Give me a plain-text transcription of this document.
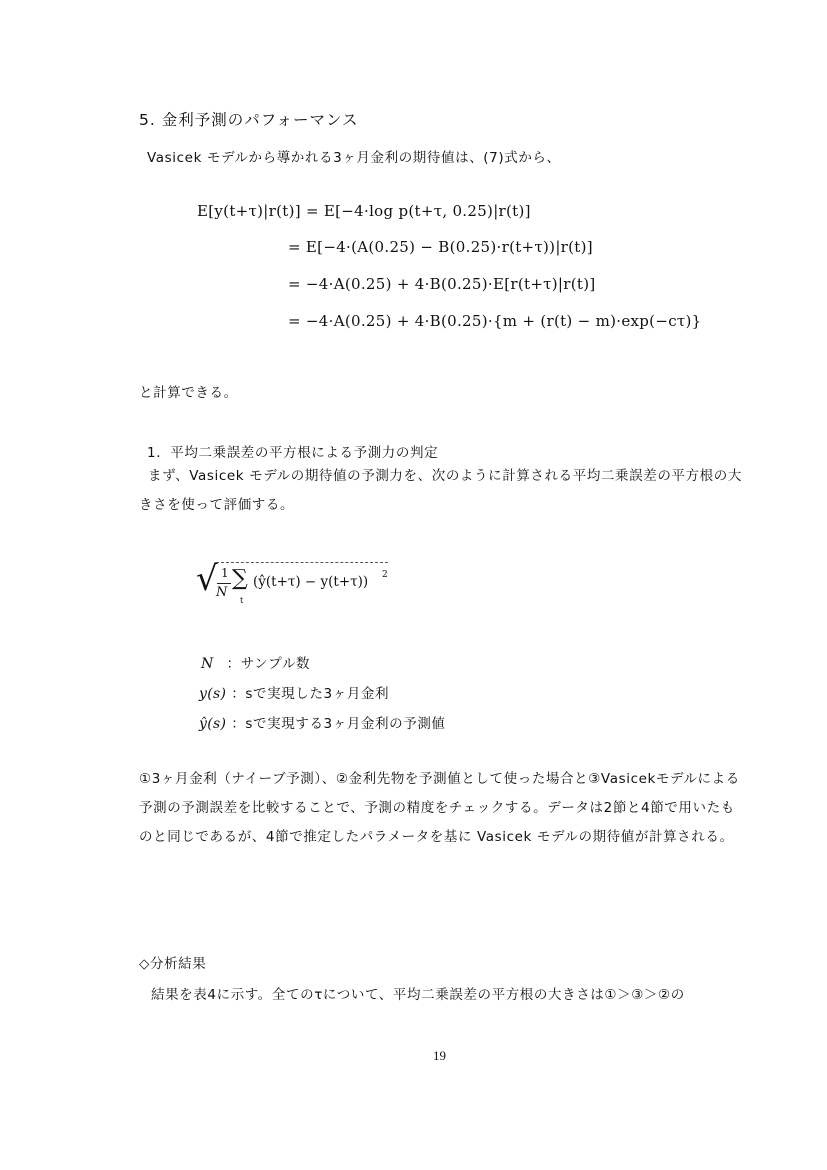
5. 金利予測のパフォーマンス
Vasicek モデルから導かれる3ヶ月金利の期待値は、(7)式から、
E[y(t+τ)|r(t)] = E[−4·log p(t+τ, 0.25)|r(t)]
= E[−4·(A(0.25) − B(0.25)·r(t+τ))|r(t)]
= −4·A(0.25) + 4·B(0.25)·E[r(t+τ)|r(t)]
= −4·A(0.25) + 4·B(0.25)·{m + (r(t) − m)·exp(−cτ)}
と計算できる。
1．平均二乗誤差の平方根による予測力の判定
まず、Vasicek モデルの期待値の予測力を、次のように計算される平均二乗誤差の平方根の大きさを使って評価する。
√ 1
N
∑
t
(ŷ(t+τ) − y(t+τ)) 2
N ：サンプル数
y(s) ：sで実現した3ヶ月金利
ŷ(s) ：sで実現する3ヶ月金利の予測値
①3ヶ月金利（ナイーブ予測）、②金利先物を予測値として使った場合と③Vasicekモデルによる予測の予測誤差を比較することで、予測の精度をチェックする。データは2節と4節で用いたものと同じであるが、4節で推定したパラメータを基に Vasicek モデルの期待値が計算される。
◇分析結果
結果を表4に示す。全てのτについて、平均二乗誤差の平方根の大きさは①＞③＞②の
19
